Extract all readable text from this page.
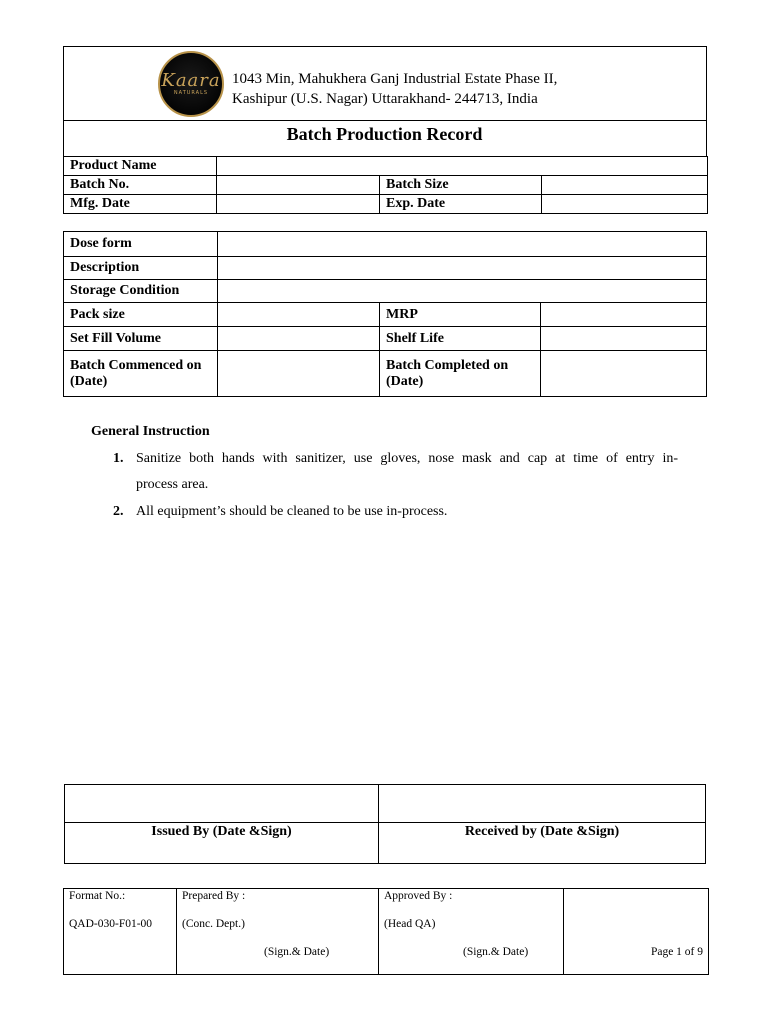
Kaara
NATURALS
1043 Min, Mahukhera Ganj Industrial Estate Phase II,
Kashipur (U.S. Nagar) Uttarakhand- 244713, India
Batch Production Record
Product Name			
Batch No.		Batch Size	
Mfg. Date		Exp. Date	
Dose form			
Description			
Storage Condition			
Pack size		MRP	
Set Fill Volume		Shelf Life	
Batch Commenced on (Date)		Batch Completed on (Date)	
General Instruction
1. Sanitize both hands with sanitizer, use gloves, nose mask and cap at time of entry in-
process area.
2. All equipment’s should be cleaned to be use in-process.

Issued By (Date &Sign)	Received by (Date &Sign)
Format No.:
QAD-030-F01-00

Prepared By :
(Conc. Dept.)
(Sign.& Date)

Approved By :
(Head QA)
(Sign.& Date)	Page 1 of 9
